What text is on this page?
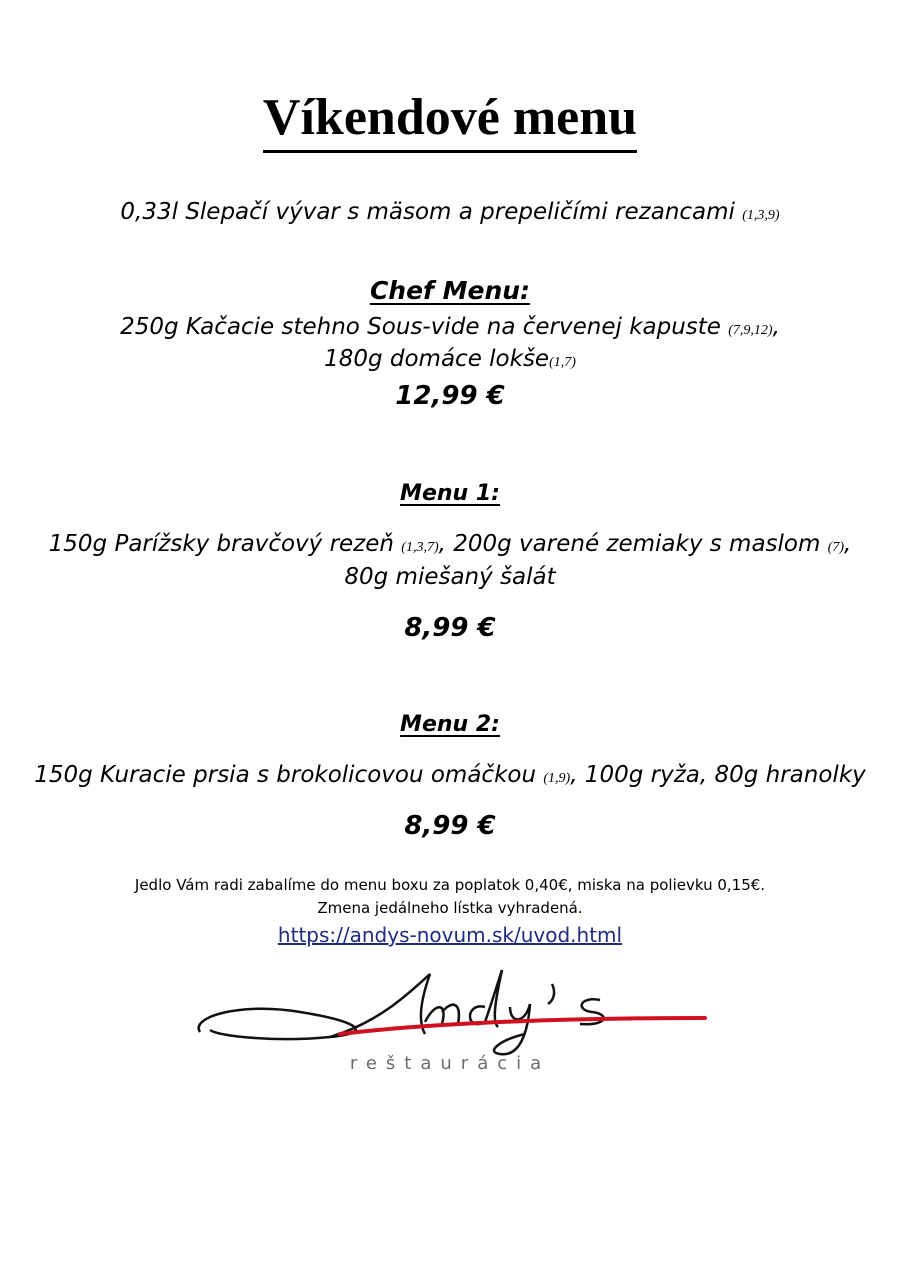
Víkendové menu
0,33l Slepačí vývar s mäsom a prepeličími rezancami (1,3,9)
Chef Menu:
250g Kačacie stehno Sous-vide na červenej kapuste (7,9,12),
180g domáce lokše(1,7)
12,99 €
Menu 1:
150g Parížsky bravčový rezeň (1,3,7), 200g varené zemiaky s maslom (7),
80g miešaný šalát
8,99 €
Menu 2:
150g Kuracie prsia s brokolicovou omáčkou (1,9), 100g ryža, 80g hranolky
8,99 €
Jedlo Vám radi zabalíme do menu boxu za poplatok 0,40€, miska na polievku 0,15€.
Zmena jedálneho lístka vyhradená.
https://andys-novum.sk/uvod.html
reštaurácia
